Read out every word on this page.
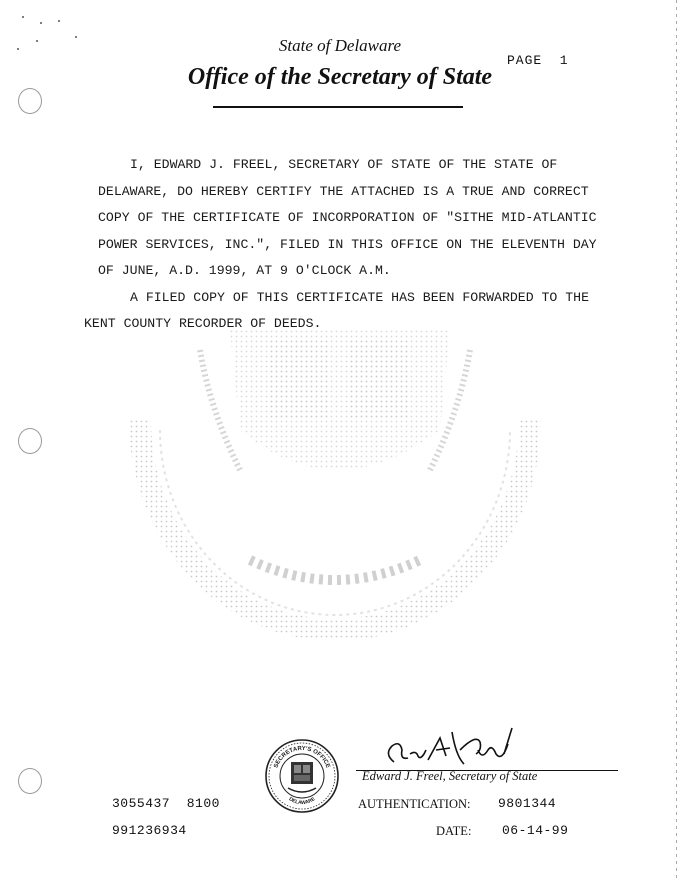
State of Delaware
Office of the Secretary of State
PAGE  1

I, EDWARD J. FREEL, SECRETARY OF STATE OF THE STATE OF

DELAWARE, DO HEREBY CERTIFY THE ATTACHED IS A TRUE AND CORRECT

COPY OF THE CERTIFICATE OF INCORPORATION OF "SITHE MID-ATLANTIC

POWER SERVICES, INC.", FILED IN THIS OFFICE ON THE ELEVENTH DAY

OF JUNE, A.D. 1999, AT 9 O'CLOCK A.M.

A FILED COPY OF THIS CERTIFICATE HAS BEEN FORWARDED TO THE

KENT COUNTY RECORDER OF DEEDS.

SECRETARY'S OFFICE
DELAWARE
Edward J. Freel, Secretary of State
3055437  8100
991236934
AUTHENTICATION: 9801344
DATE: 06-14-99
